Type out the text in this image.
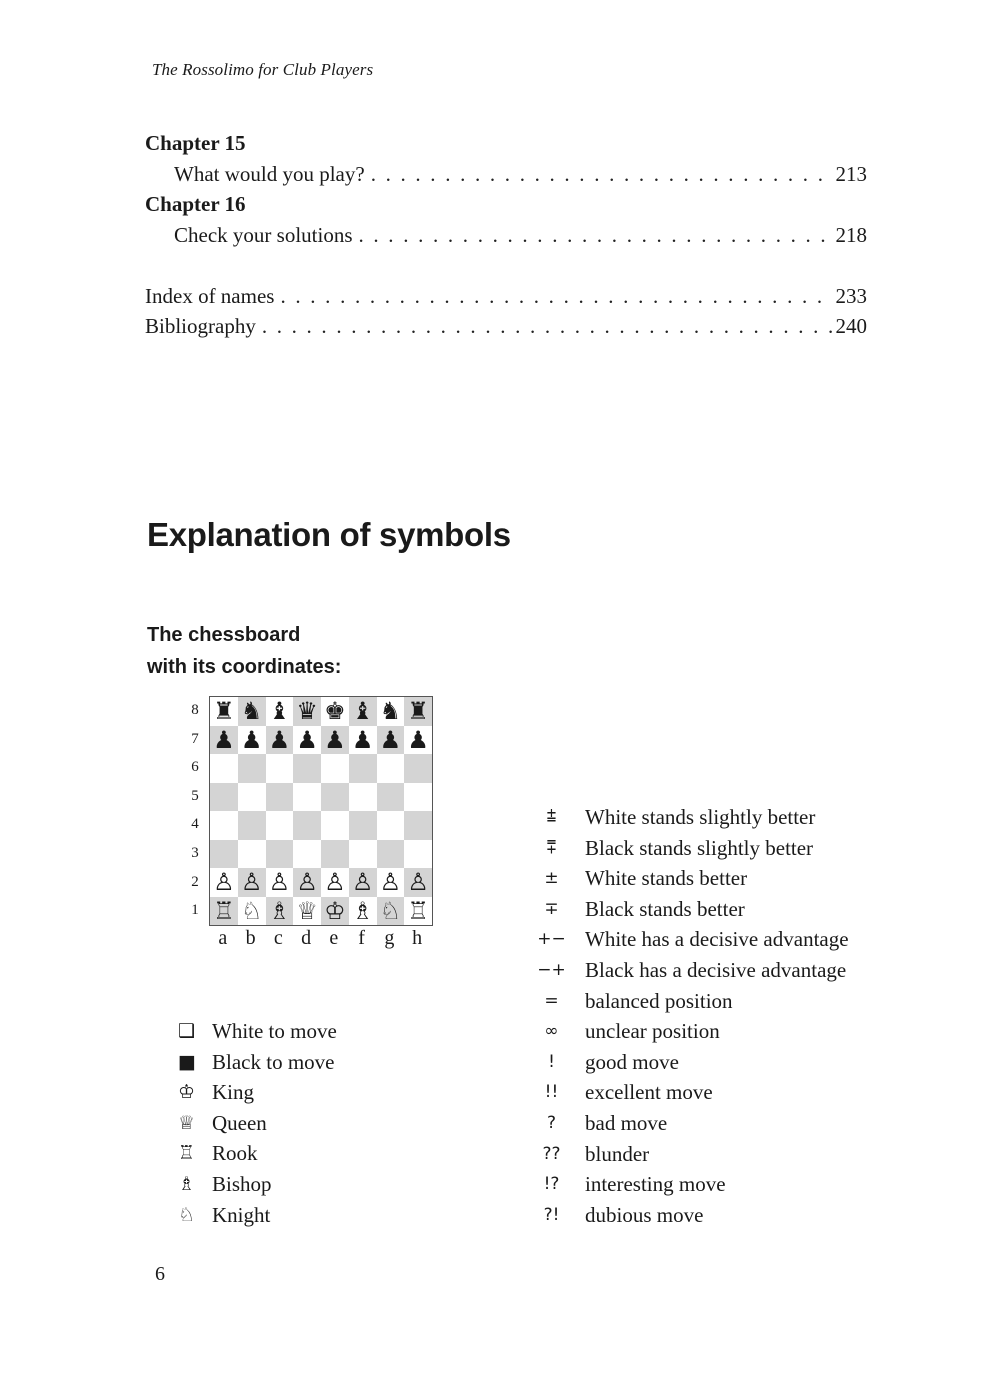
The Rossolimo for Club Players
Chapter 15
What would you play? . . .	213
Chapter 16
Check your solutions . . .	218
Index of names . . .	233
Bibliography . . .	240
Explanation of symbols
The chessboard
with its coordinates:
8
7
6
5
4
3
2
1
♜ ♞ ♝ ♛ ♚ ♝ ♞ ♜
♟ ♟ ♟ ♟ ♟ ♟ ♟ ♟
♙ ♙ ♙ ♙ ♙ ♙ ♙ ♙
♖ ♘ ♗ ♕ ♔ ♗ ♘ ♖
a b c d e f g h
❑ White to move
■ Black to move
♔ King
♕ Queen
♖ Rook
♗ Bishop
♘ Knight
⩲	White stands slightly better
⩱	Black stands slightly better
±	White stands better
∓	Black stands better
+− White has a decisive advantage
−+ Black has a decisive advantage
=	balanced position
∞	unclear position
!	good move
!!	excellent move
?	bad move
??	blunder
!?	interesting move
?!	dubious move
6
